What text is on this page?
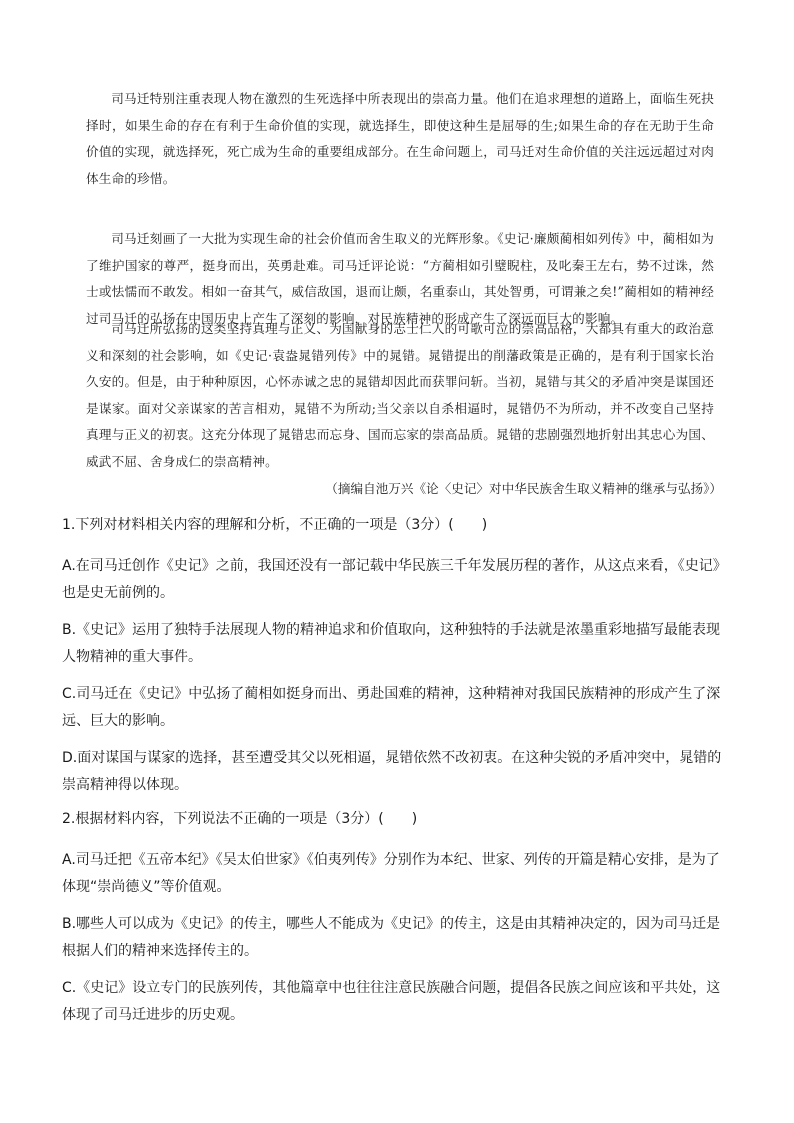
司马迁特别注重表现人物在激烈的生死选择中所表现出的崇高力量。他们在追求理想的道路上，面临生死抉择时，如果生命的存在有利于生命价值的实现，就选择生，即使这种生是屈辱的生;如果生命的存在无助于生命价值的实现，就选择死，死亡成为生命的重要组成部分。在生命问题上，司马迁对生命价值的关注远远超过对肉体生命的珍惜。

司马迁刻画了一大批为实现生命的社会价值而舍生取义的光辉形象。《史记·廉颇蔺相如列传》中，蔺相如为了维护国家的尊严，挺身而出，英勇赴难。司马迁评论说：“方蔺相如引璧睨柱，及叱秦王左右，势不过诛，然士或怯懦而不敢发。相如一奋其气，威信敌国，退而让颇，名重泰山，其处智勇，可谓兼之矣!”蔺相如的精神经过司马迁的弘扬在中国历史上产生了深刻的影响，对民族精神的形成产生了深远而巨大的影响。

司马迁所弘扬的这类坚持真理与正义、为国献身的志士仁人的可歌可泣的崇高品格，大都具有重大的政治意义和深刻的社会影响，如《史记·袁盎晁错列传》中的晁错。晁错提出的削藩政策是正确的，是有利于国家长治久安的。但是，由于种种原因，心怀赤诚之忠的晁错却因此而获罪问斩。当初，晁错与其父的矛盾冲突是谋国还是谋家。面对父亲谋家的苦言相劝，晁错不为所动;当父亲以自杀相逼时，晁错仍不为所动，并不改变自己坚持真理与正义的初衷。这充分体现了晁错忠而忘身、国而忘家的崇高品质。晁错的悲剧强烈地折射出其忠心为国、威武不屈、舍身成仁的崇高精神。

（摘编自池万兴《论〈史记〉对中华民族舍生取义精神的继承与弘扬》）

1.下列对材料相关内容的理解和分析，不正确的一项是（3分）(　　)

A.在司马迁创作《史记》之前，我国还没有一部记载中华民族三千年发展历程的著作，从这点来看，《史记》也是史无前例的。

B.《史记》运用了独特手法展现人物的精神追求和价值取向，这种独特的手法就是浓墨重彩地描写最能表现人物精神的重大事件。

C.司马迁在《史记》中弘扬了蔺相如挺身而出、勇赴国难的精神，这种精神对我国民族精神的形成产生了深远、巨大的影响。

D.面对谋国与谋家的选择，甚至遭受其父以死相逼，晁错依然不改初衷。在这种尖锐的矛盾冲突中，晁错的崇高精神得以体现。

2.根据材料内容，下列说法不正确的一项是（3分）(　　)

A.司马迁把《五帝本纪》《吴太伯世家》《伯夷列传》分别作为本纪、世家、列传的开篇是精心安排，是为了体现“崇尚德义”等价值观。

B.哪些人可以成为《史记》的传主，哪些人不能成为《史记》的传主，这是由其精神决定的，因为司马迁是根据人们的精神来选择传主的。

C.《史记》设立专门的民族列传，其他篇章中也往往注意民族融合问题，提倡各民族之间应该和平共处，这体现了司马迁进步的历史观。
